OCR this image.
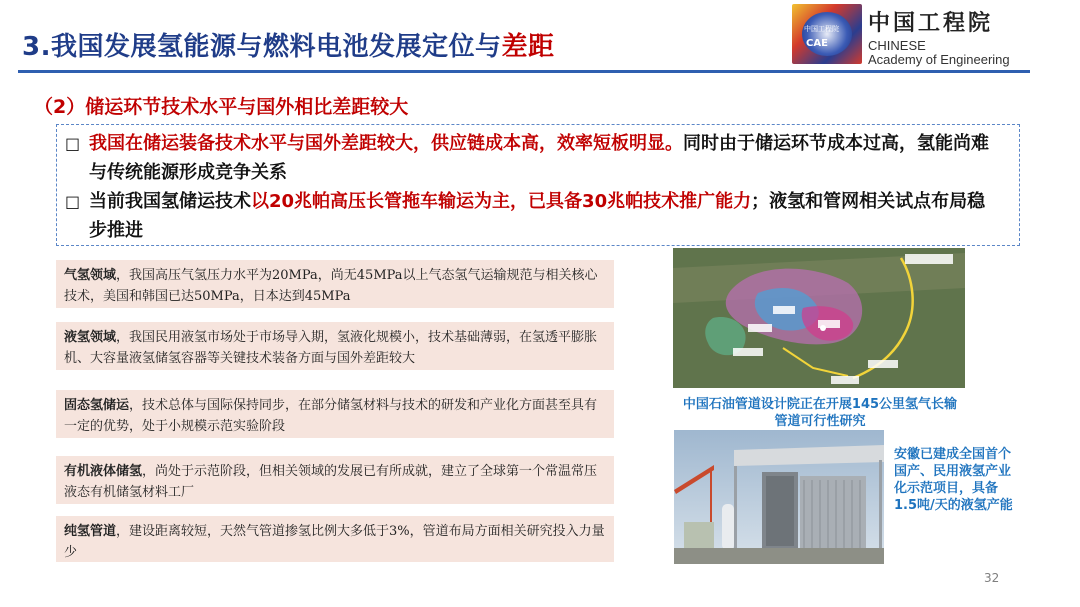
3.我国发展氢能源与燃料电池发展定位与差距
中国工程院
CAE
中国工程院
CHINESE
Academy of Engineering
（2）储运环节技术水平与国外相比差距较大
□ 我国在储运装备技术水平与国外差距较大，供应链成本高，效率短板明显。同时由于储运环节成本过高，氢能尚难与传统能源形成竞争关系
□ 当前我国氢储运技术以20兆帕高压长管拖车输运为主，已具备30兆帕技术推广能力；液氢和管网相关试点布局稳步推进
气氢领域，我国高压气氢压力水平为20MPa，尚无45MPa以上气态氢气运输规范与相关核心技术，美国和韩国已达50MPa，日本达到45MPa
液氢领域，我国民用液氢市场处于市场导入期，氢液化规模小，技术基础薄弱，在氢透平膨胀机、大容量液氢储氢容器等关键技术装备方面与国外差距较大
固态氢储运，技术总体与国际保持同步，在部分储氢材料与技术的研发和产业化方面甚至具有一定的优势，处于小规模示范实验阶段
有机液体储氢，尚处于示范阶段，但相关领域的发展已有所成就，建立了全球第一个常温常压液态有机储氢材料工厂
纯氢管道，建设距离较短，天然气管道掺氢比例大多低于3%，管道布局方面相关研究投入力量少
中国石油管道设计院正在开展145公里氢气长输
管道可行性研究
安徽已建成全国首个国产、民用液氢产业化示范项目，具备1.5吨/天的液氢产能
32
